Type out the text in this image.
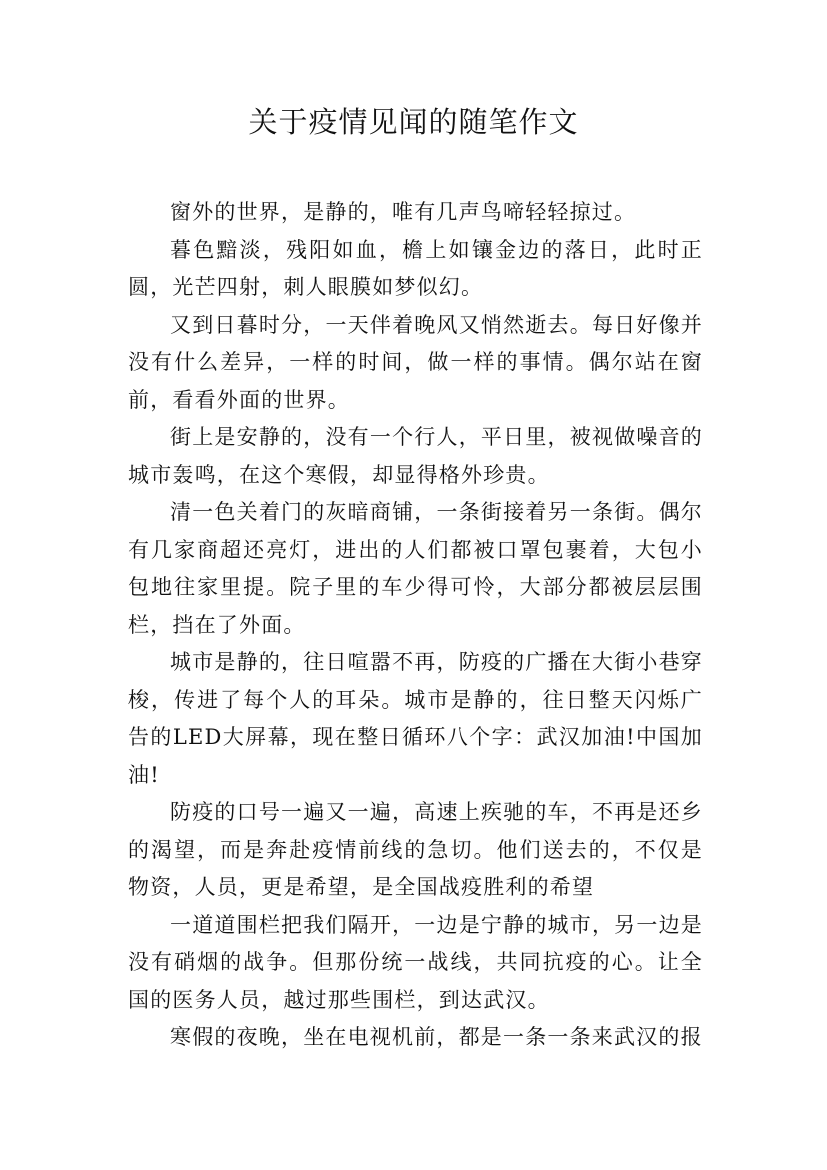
关于疫情见闻的随笔作文

窗外的世界，是静的，唯有几声鸟啼轻轻掠过。

暮色黯淡，残阳如血，檐上如镶金边的落日，此时正圆，光芒四射，刺人眼膜如梦似幻。

又到日暮时分，一天伴着晚风又悄然逝去。每日好像并没有什么差异，一样的时间，做一样的事情。偶尔站在窗前，看看外面的世界。

街上是安静的，没有一个行人，平日里，被视做噪音的城市轰鸣，在这个寒假，却显得格外珍贵。

清一色关着门的灰暗商铺，一条街接着另一条街。偶尔有几家商超还亮灯，进出的人们都被口罩包裹着，大包小包地往家里提。院子里的车少得可怜，大部分都被层层围栏，挡在了外面。

城市是静的，往日喧嚣不再，防疫的广播在大街小巷穿梭，传进了每个人的耳朵。城市是静的，往日整天闪烁广告的LED大屏幕，现在整日循环八个字：武汉加油!中国加油!

防疫的口号一遍又一遍，高速上疾驰的车，不再是还乡的渴望，而是奔赴疫情前线的急切。他们送去的，不仅是物资，人员，更是希望，是全国战疫胜利的希望

一道道围栏把我们隔开，一边是宁静的城市，另一边是没有硝烟的战争。但那份统一战线，共同抗疫的心。让全国的医务人员，越过那些围栏，到达武汉。

寒假的夜晚，坐在电视机前，都是一条一条来武汉的报
